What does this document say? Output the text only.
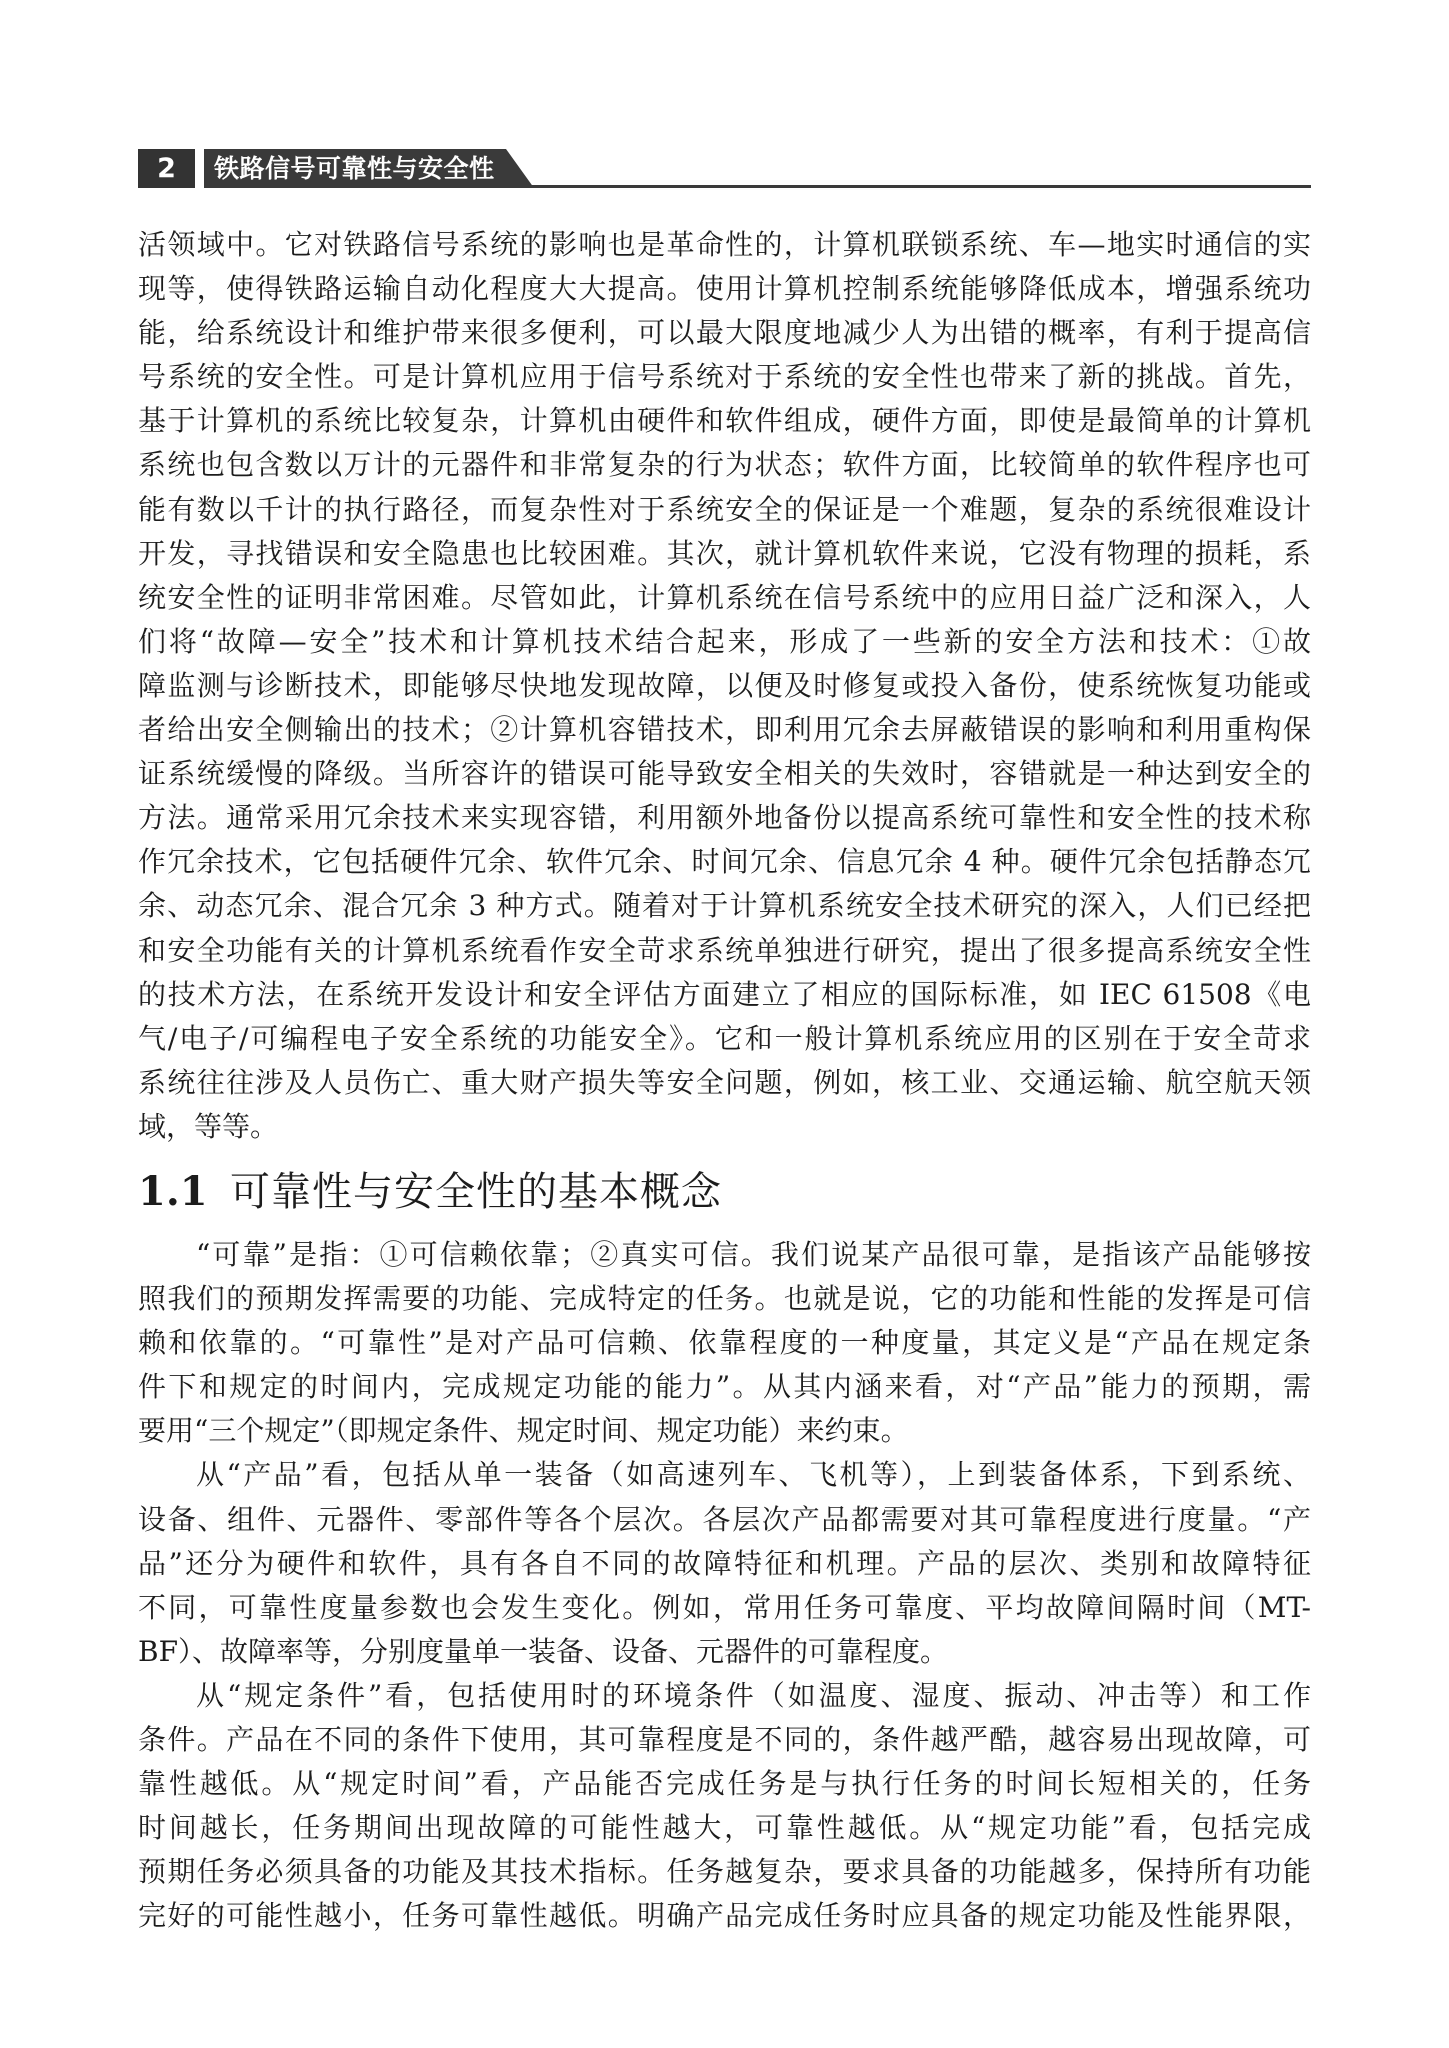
2	铁路信号可靠性与安全性
活领域中。它对铁路信号系统的影响也是革命性的，计算机联锁系统、车—地实时通信的实
现等，使得铁路运输自动化程度大大提高。使用计算机控制系统能够降低成本，增强系统功
能，给系统设计和维护带来很多便利，可以最大限度地减少人为出错的概率，有利于提高信
号系统的安全性。可是计算机应用于信号系统对于系统的安全性也带来了新的挑战。首先，
基于计算机的系统比较复杂，计算机由硬件和软件组成，硬件方面，即使是最简单的计算机
系统也包含数以万计的元器件和非常复杂的行为状态；软件方面，比较简单的软件程序也可
能有数以千计的执行路径，而复杂性对于系统安全的保证是一个难题，复杂的系统很难设计
开发，寻找错误和安全隐患也比较困难。其次，就计算机软件来说，它没有物理的损耗，系
统安全性的证明非常困难。尽管如此，计算机系统在信号系统中的应用日益广泛和深入，人
们将“故障—安全”技术和计算机技术结合起来，形成了一些新的安全方法和技术：①故
障监测与诊断技术，即能够尽快地发现故障，以便及时修复或投入备份，使系统恢复功能或
者给出安全侧输出的技术；②计算机容错技术，即利用冗余去屏蔽错误的影响和利用重构保
证系统缓慢的降级。当所容许的错误可能导致安全相关的失效时，容错就是一种达到安全的
方法。通常采用冗余技术来实现容错，利用额外地备份以提高系统可靠性和安全性的技术称
作冗余技术，它包括硬件冗余、软件冗余、时间冗余、信息冗余 4 种。硬件冗余包括静态冗
余、动态冗余、混合冗余 3 种方式。随着对于计算机系统安全技术研究的深入，人们已经把
和安全功能有关的计算机系统看作安全苛求系统单独进行研究，提出了很多提高系统安全性
的技术方法，在系统开发设计和安全评估方面建立了相应的国际标准，如 IEC 61508《电
气/电子/可编程电子安全系统的功能安全》。它和一般计算机系统应用的区别在于安全苛求
系统往往涉及人员伤亡、重大财产损失等安全问题，例如，核工业、交通运输、航空航天领
域，等等。
1.1 可靠性与安全性的基本概念
“可靠”是指：①可信赖依靠；②真实可信。我们说某产品很可靠，是指该产品能够按
照我们的预期发挥需要的功能、完成特定的任务。也就是说，它的功能和性能的发挥是可信
赖和依靠的。“可靠性”是对产品可信赖、依靠程度的一种度量，其定义是“产品在规定条
件下和规定的时间内，完成规定功能的能力”。从其内涵来看，对“产品”能力的预期，需
要用“三个规定”（即规定条件、规定时间、规定功能）来约束。
从“产品”看，包括从单一装备（如高速列车、飞机等），上到装备体系，下到系统、
设备、组件、元器件、零部件等各个层次。各层次产品都需要对其可靠程度进行度量。“产
品”还分为硬件和软件，具有各自不同的故障特征和机理。产品的层次、类别和故障特征
不同，可靠性度量参数也会发生变化。例如，常用任务可靠度、平均故障间隔时间（MT-
BF）、故障率等，分别度量单一装备、设备、元器件的可靠程度。
从“规定条件”看，包括使用时的环境条件（如温度、湿度、振动、冲击等）和工作
条件。产品在不同的条件下使用，其可靠程度是不同的，条件越严酷，越容易出现故障，可
靠性越低。从“规定时间”看，产品能否完成任务是与执行任务的时间长短相关的，任务
时间越长，任务期间出现故障的可能性越大，可靠性越低。从“规定功能”看，包括完成
预期任务必须具备的功能及其技术指标。任务越复杂，要求具备的功能越多，保持所有功能
完好的可能性越小，任务可靠性越低。明确产品完成任务时应具备的规定功能及性能界限，
